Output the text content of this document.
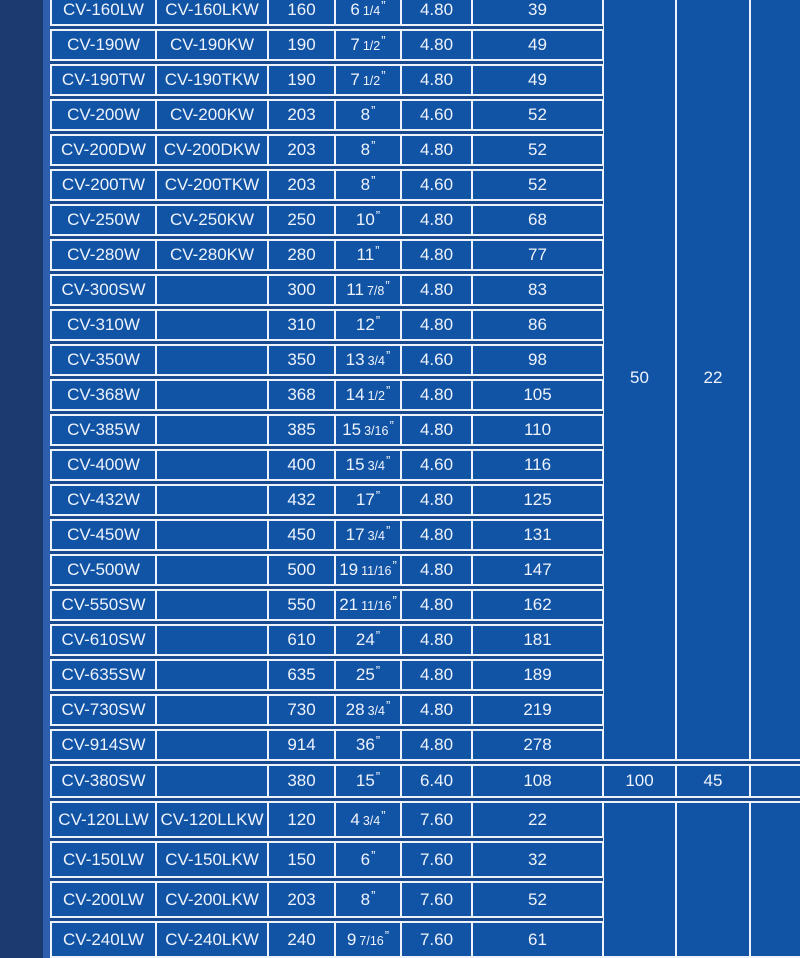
CV-160LW	CV-160LKW	160	6 1/4”	4.80	39	50	22	
CV-190W	CV-190KW	190	7 1/2”	4.80	49			
CV-190TW	CV-190TKW	190	7 1/2”	4.80	49			
CV-200W	CV-200KW	203	8”	4.60	52			
CV-200DW	CV-200DKW	203	8”	4.80	52			
CV-200TW	CV-200TKW	203	8”	4.60	52			
CV-250W	CV-250KW	250	10”	4.80	68			
CV-280W	CV-280KW	280	11”	4.80	77			
CV-300SW		300	11 7/8”	4.80	83			
CV-310W		310	12”	4.80	86			
CV-350W		350	13 3/4”	4.60	98			
CV-368W		368	14 1/2”	4.80	105			
CV-385W		385	15 3/16”	4.80	110			
CV-400W		400	15 3/4”	4.60	116			
CV-432W		432	17”	4.80	125			
CV-450W		450	17 3/4”	4.80	131			
CV-500W		500	19 11/16”	4.80	147			
CV-550SW		550	21 11/16”	4.80	162			
CV-610SW		610	24”	4.80	181			
CV-635SW		635	25”	4.80	189			
CV-730SW		730	28 3/4”	4.80	219			
CV-914SW		914	36”	4.80	278			
CV-380SW		380	15”	6.40	108	100	45	
CV-120LLW	CV-120LLKW	120	4 3/4”	7.60	22			
CV-150LW	CV-150LKW	150	6”	7.60	32			
CV-200LW	CV-200LKW	203	8”	7.60	52			
CV-240LW	CV-240LKW	240	9 7/16”	7.60	61			
